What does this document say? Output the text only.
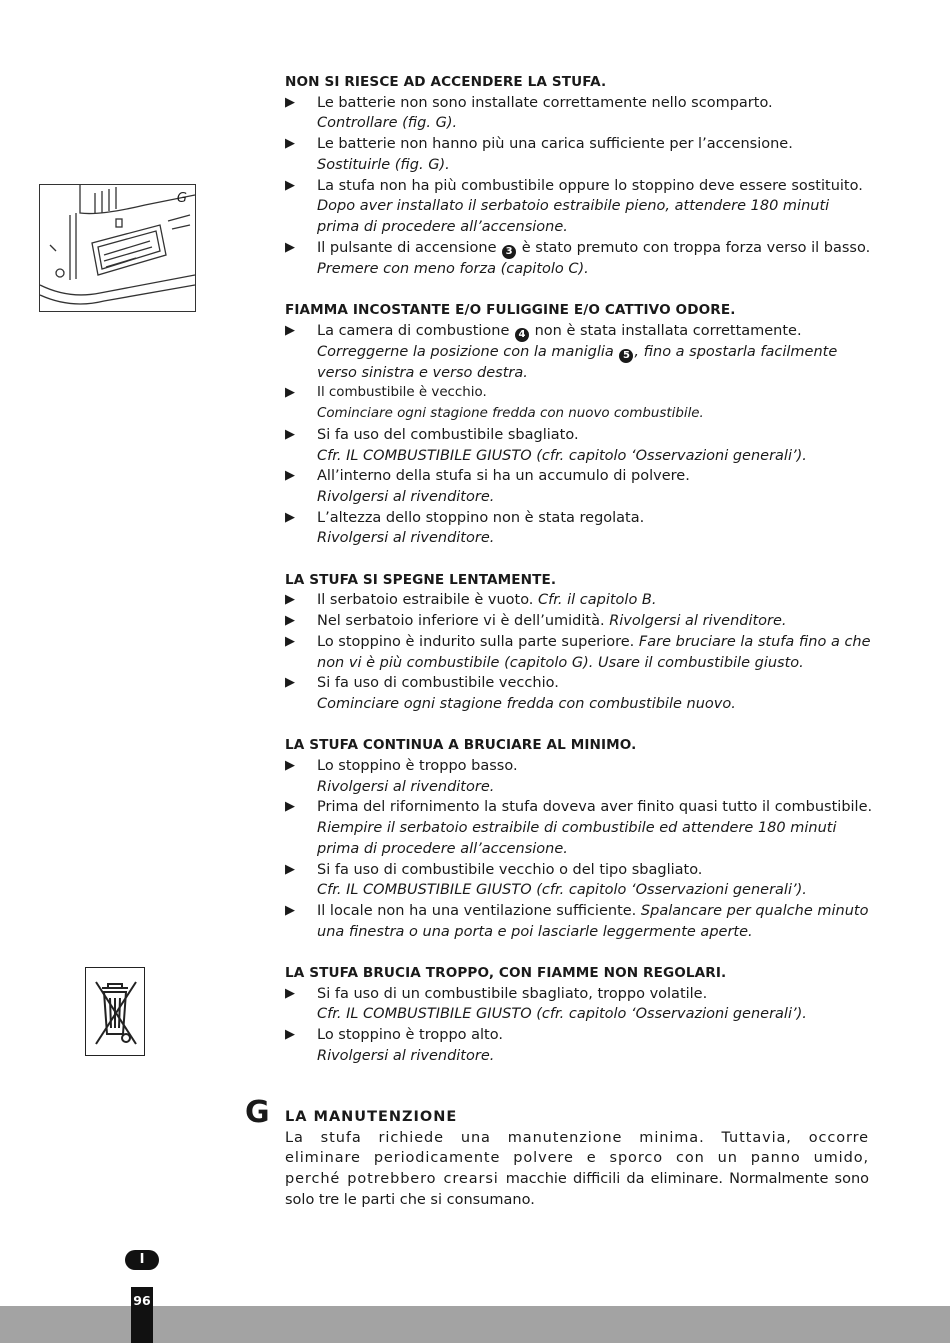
G
NON SI RIESCE AD ACCENDERE LA STUFA.
▶ Le batterie non sono installate correttamente nello scomparto.
Controllare (fig. G).
▶ Le batterie non hanno più una carica sufficiente per l’accensione.
Sostituirle (fig. G).
▶ La stufa non ha più combustibile oppure lo stoppino deve essere sostituito.
Dopo aver installato il serbatoio estraibile pieno, attendere 180 minuti prima di procedere all’accensione.
▶ Il pulsante di accensione 3 è stato premuto con troppa forza verso il basso.
Premere con meno forza (capitolo C).
FIAMMA INCOSTANTE E/O FULIGGINE E/O CATTIVO ODORE.
▶ La camera di combustione 4 non è stata installata correttamente.
Correggerne la posizione con la maniglia 5 , fino a spostarla facilmente verso sinistra e verso destra.
▶ Il combustibile è vecchio.
Cominciare ogni stagione fredda con nuovo combustibile.
▶ Si fa uso del combustibile sbagliato.
Cfr. IL COMBUSTIBILE GIUSTO (cfr. capitolo ‘Osservazioni generali’).
▶ All’interno della stufa si ha un accumulo di polvere.
Rivolgersi al rivenditore.
▶ L’altezza dello stoppino non è stata regolata.
Rivolgersi al rivenditore.
LA STUFA SI SPEGNE LENTAMENTE.
▶ Il serbatoio estraibile è vuoto. Cfr. il capitolo B.
▶ Nel serbatoio inferiore vi è dell’umidità. Rivolgersi al rivenditore.
▶ Lo stoppino è indurito sulla parte superiore. Fare bruciare la stufa fino a che non vi è più combustibile (capitolo G). Usare il combustibile giusto.
▶ Si fa uso di combustibile vecchio.
Cominciare ogni stagione fredda con combustibile nuovo.
LA STUFA CONTINUA A BRUCIARE AL MINIMO.
▶ Lo stoppino è troppo basso.
Rivolgersi al rivenditore.
▶ Prima del rifornimento la stufa doveva aver finito quasi tutto il combustibile.
Riempire il serbatoio estraibile di combustibile ed attendere 180 minuti prima di procedere all’accensione.
▶ Si fa uso di combustibile vecchio o del tipo sbagliato.
Cfr. IL COMBUSTIBILE GIUSTO (cfr. capitolo ‘Osservazioni generali’).
▶ Il locale non ha una ventilazione sufficiente. Spalancare per qualche minuto una finestra o una porta e poi lasciarle leggermente aperte.
LA STUFA BRUCIA TROPPO, CON FIAMME NON REGOLARI.
▶ Si fa uso di un combustibile sbagliato, troppo volatile.
Cfr. IL COMBUSTIBILE GIUSTO (cfr. capitolo ‘Osservazioni generali’).
▶ Lo stoppino è troppo alto.
Rivolgersi al rivenditore.
G LA MANUTENZIONE
La stufa richiede una manutenzione minima. Tuttavia, occorre eliminare periodicamente polvere e sporco con un panno umido, perché potrebbero crearsi macchie difficili da eliminare. Normalmente sono solo tre le parti che si consumano.
I
96
